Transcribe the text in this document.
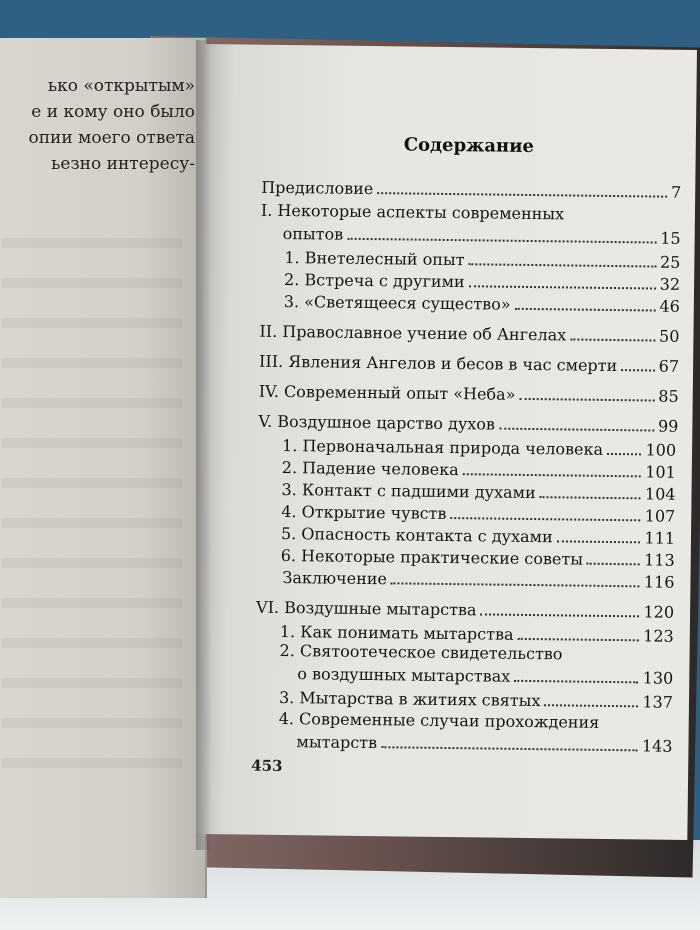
ько «открытым»
е и кому оно было
опии моего ответа
ьезно интересу-
Содержание
Предисловие	7
I. Некоторые аспекты современных
опытов	15
1. Внетелесный опыт	25
2. Встреча с другими	32
3. «Светящееся существо»	46
II. Православное учение об Ангелах	50
III. Явления Ангелов и бесов в час смерти	67
IV. Современный опыт «Неба»	85
V. Воздушное царство духов	99
1. Первоначальная природа человека	100
2. Падение человека	101
3. Контакт с падшими духами	104
4. Открытие чувств	107
5. Опасность контакта с духами	111
6. Некоторые практические советы	113
Заключение	116
VI. Воздушные мытарства	120
1. Как понимать мытарства	123
2. Святоотеческое свидетельство
о воздушных мытарствах	130
3. Мытарства в житиях святых	137
4. Современные случаи прохождения
мытарств	143
453
